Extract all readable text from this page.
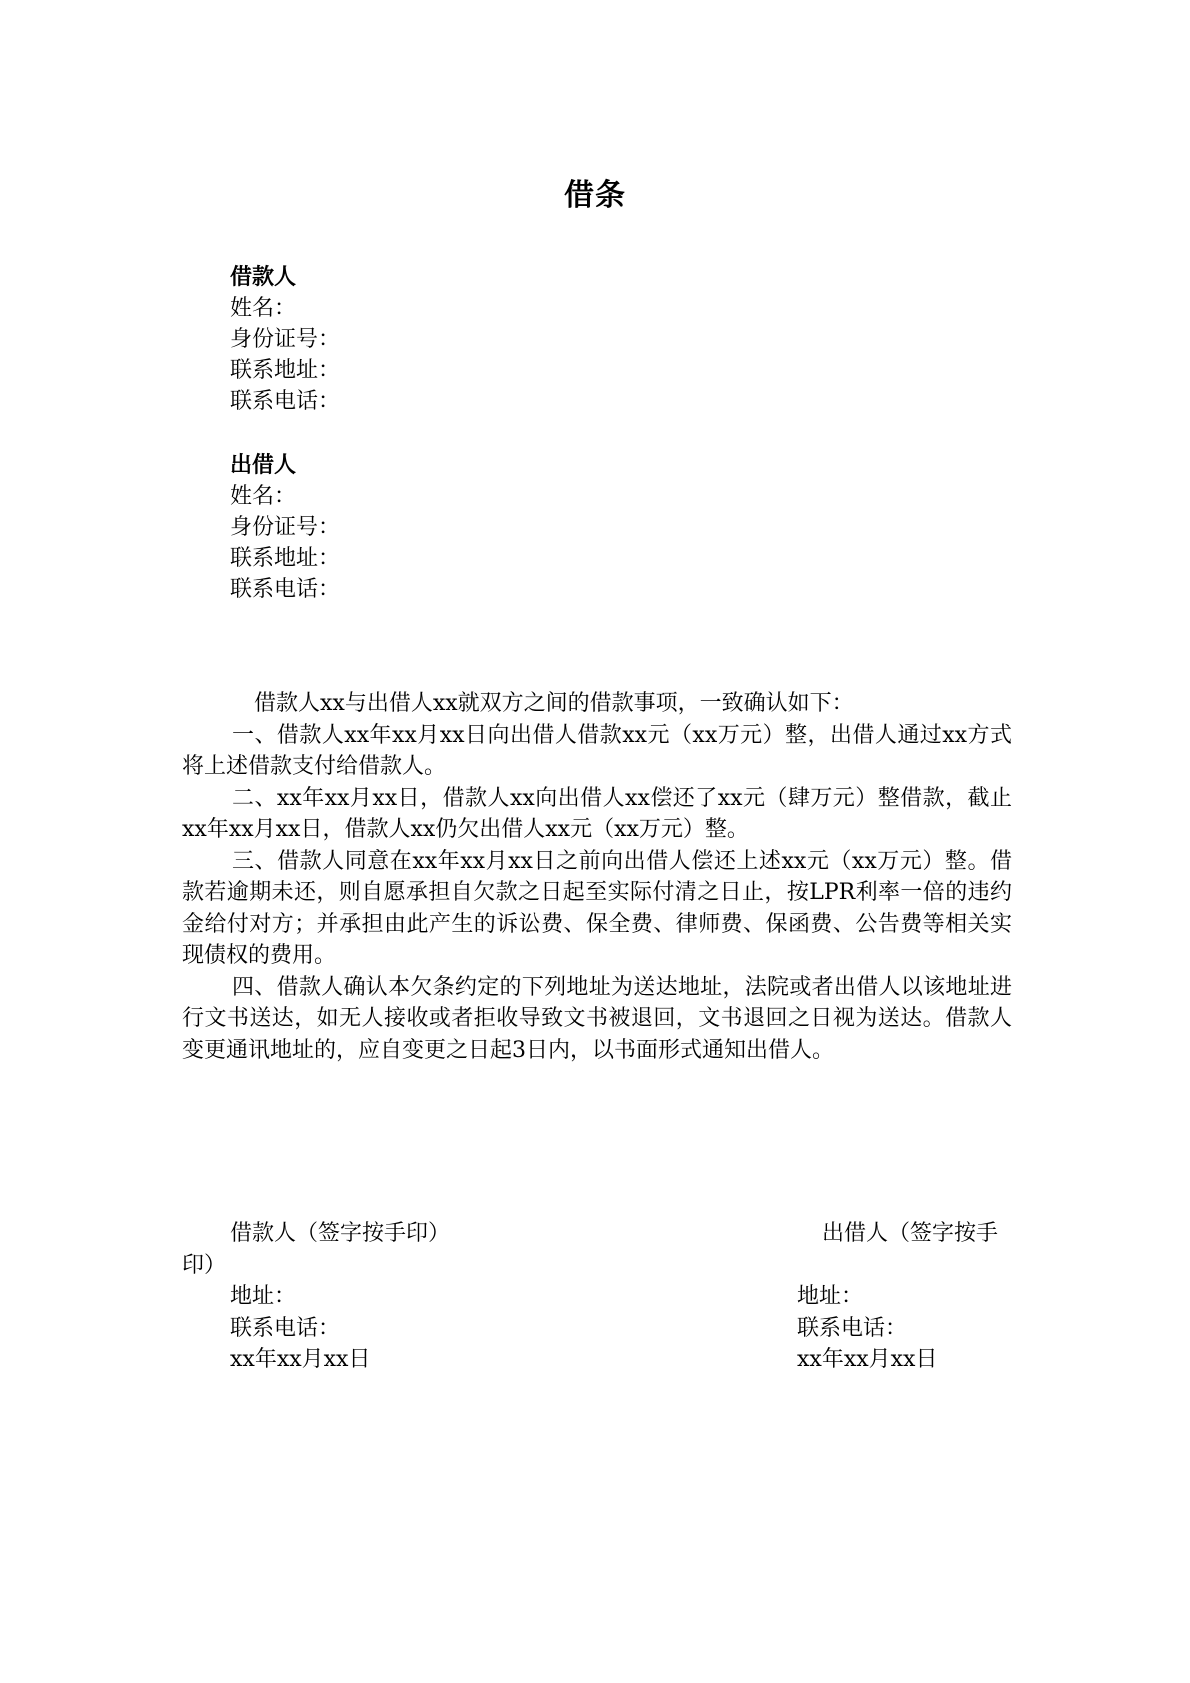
借条
借款人
姓名：
身份证号：
联系地址：
联系电话：
出借人
姓名：
身份证号：
联系地址：
联系电话：

借款人xx与出借人xx就双方之间的借款事项，一致确认如下：

一、借款人xx年xx月xx日向出借人借款xx元（xx万元）整，出借人通过xx方式将上述借款支付给借款人。

二、xx年xx月xx日，借款人xx向出借人xx偿还了xx元（肆万元）整借款，截止xx年xx月xx日，借款人xx仍欠出借人xx元（xx万元）整。

三、借款人同意在xx年xx月xx日之前向出借人偿还上述xx元（xx万元）整。借款若逾期未还，则自愿承担自欠款之日起至实际付清之日止，按LPR利率一倍的违约金给付对方；并承担由此产生的诉讼费、保全费、律师费、保函费、公告费等相关实现债权的费用。

四、借款人确认本欠条约定的下列地址为送达地址，法院或者出借人以该地址进行文书送达，如无人接收或者拒收导致文书被退回，文书退回之日视为送达。借款人变更通讯地址的，应自变更之日起3日内，以书面形式通知出借人。

借款人（签字按手印）
印）
地址：
联系电话：
xx年xx月xx日
出借人（签字按手
地址：
联系电话：
xx年xx月xx日
